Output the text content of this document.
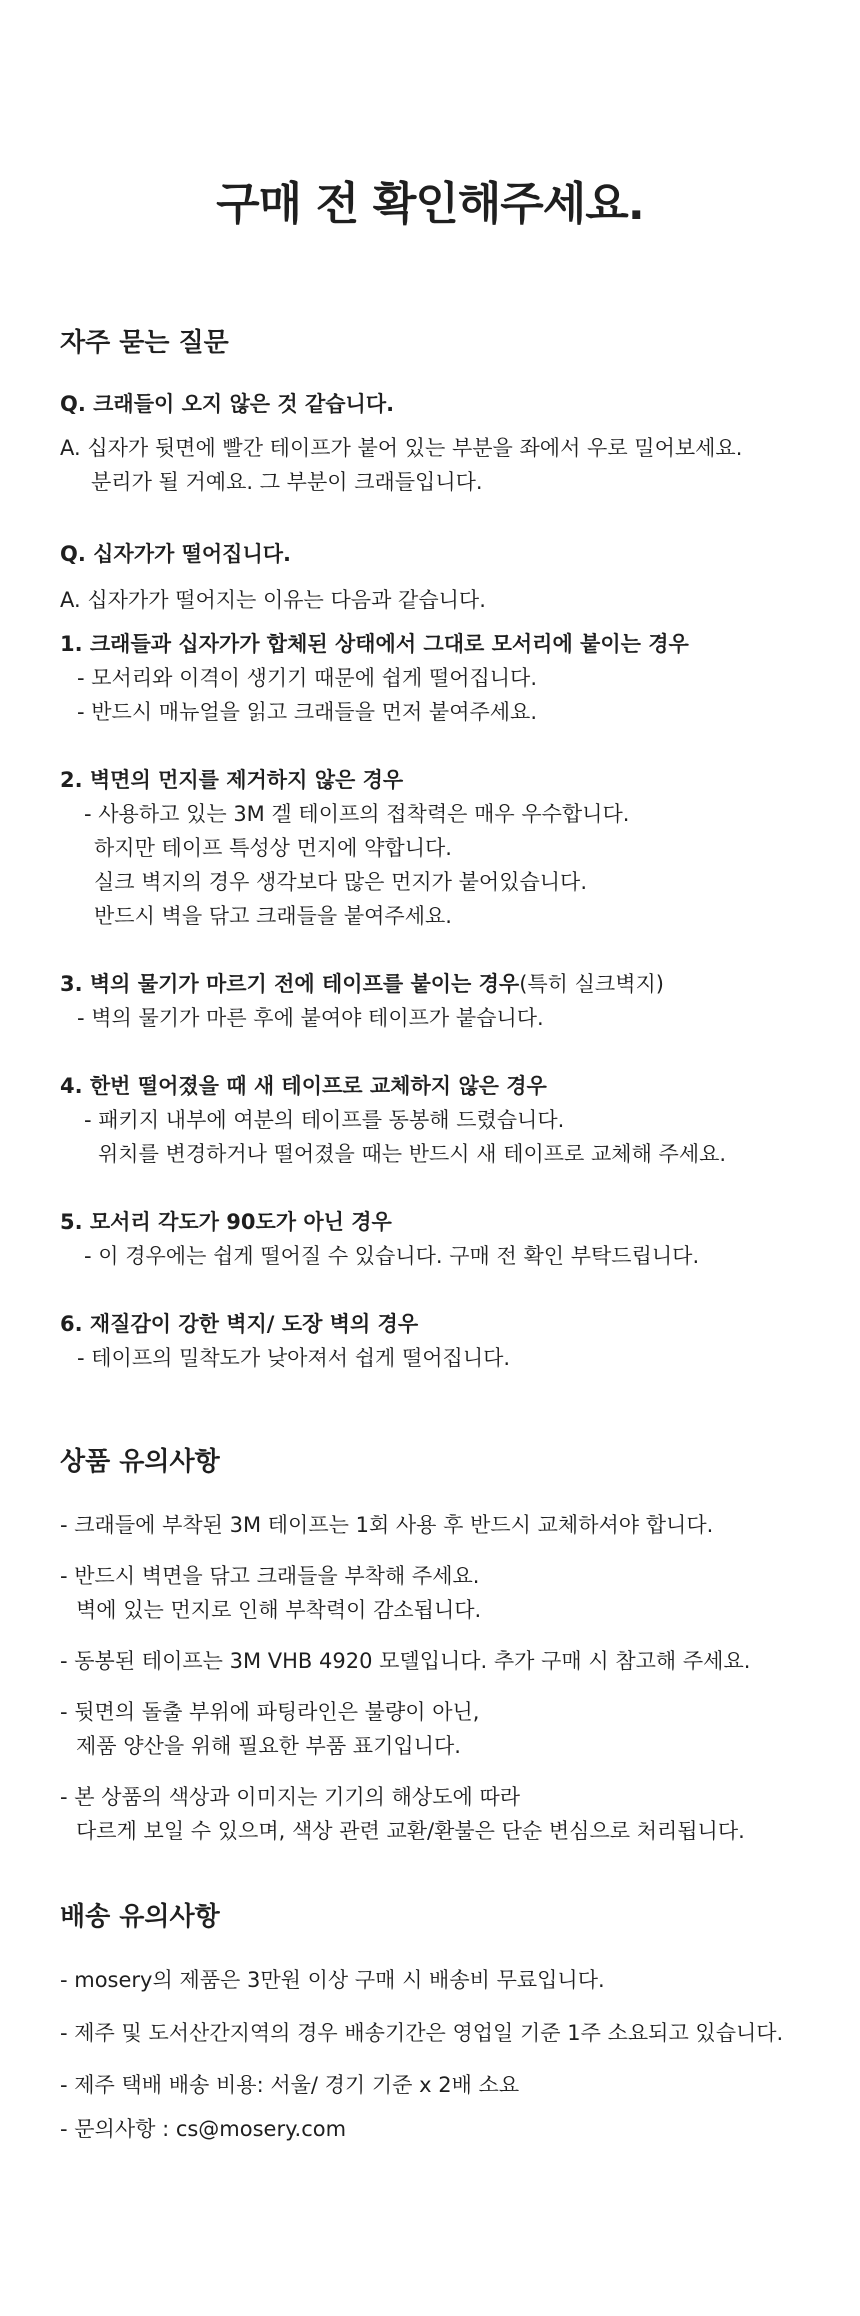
구매 전 확인해주세요.
자주 묻는 질문
Q. 크래들이 오지 않은 것 같습니다.
A. 십자가 뒷면에 빨간 테이프가 붙어 있는 부분을 좌에서 우로 밀어보세요.
분리가 될 거예요. 그 부분이 크래들입니다.
Q. 십자가가 떨어집니다.
A. 십자가가 떨어지는 이유는 다음과 같습니다.
1. 크래들과 십자가가 합체된 상태에서 그대로 모서리에 붙이는 경우
- 모서리와 이격이 생기기 때문에 쉽게 떨어집니다.
- 반드시 매뉴얼을 읽고 크래들을 먼저 붙여주세요.
2. 벽면의 먼지를 제거하지 않은 경우
- 사용하고 있는 3M 겔 테이프의 접착력은 매우 우수합니다.
하지만 테이프 특성상 먼지에 약합니다.
실크 벽지의 경우 생각보다 많은 먼지가 붙어있습니다.
반드시 벽을 닦고 크래들을 붙여주세요.
3. 벽의 물기가 마르기 전에 테이프를 붙이는 경우(특히 실크벽지)
- 벽의 물기가 마른 후에 붙여야 테이프가 붙습니다.
4. 한번 떨어졌을 때 새 테이프로 교체하지 않은 경우
- 패키지 내부에 여분의 테이프를 동봉해 드렸습니다.
위치를 변경하거나 떨어졌을 때는 반드시 새 테이프로 교체해 주세요.
5. 모서리 각도가 90도가 아닌 경우
- 이 경우에는 쉽게 떨어질 수 있습니다. 구매 전 확인 부탁드립니다.
6. 재질감이 강한 벽지/ 도장 벽의 경우
- 테이프의 밀착도가 낮아져서 쉽게 떨어집니다.
상품 유의사항
- 크래들에 부착된 3M 테이프는 1회 사용 후 반드시 교체하셔야 합니다.
- 반드시 벽면을 닦고 크래들을 부착해 주세요.
벽에 있는 먼지로 인해 부착력이 감소됩니다.
- 동봉된 테이프는 3M VHB 4920 모델입니다. 추가 구매 시 참고해 주세요.
- 뒷면의 돌출 부위에 파팅라인은 불량이 아닌,
제품 양산을 위해 필요한 부품 표기입니다.
- 본 상품의 색상과 이미지는 기기의 해상도에 따라
다르게 보일 수 있으며, 색상 관련 교환/환불은 단순 변심으로 처리됩니다.
배송 유의사항
- mosery의 제품은 3만원 이상 구매 시 배송비 무료입니다.
- 제주 및 도서산간지역의 경우 배송기간은 영업일 기준 1주 소요되고 있습니다.
- 제주 택배 배송 비용: 서울/ 경기 기준 x 2배 소요
- 문의사항 : cs@mosery.com
